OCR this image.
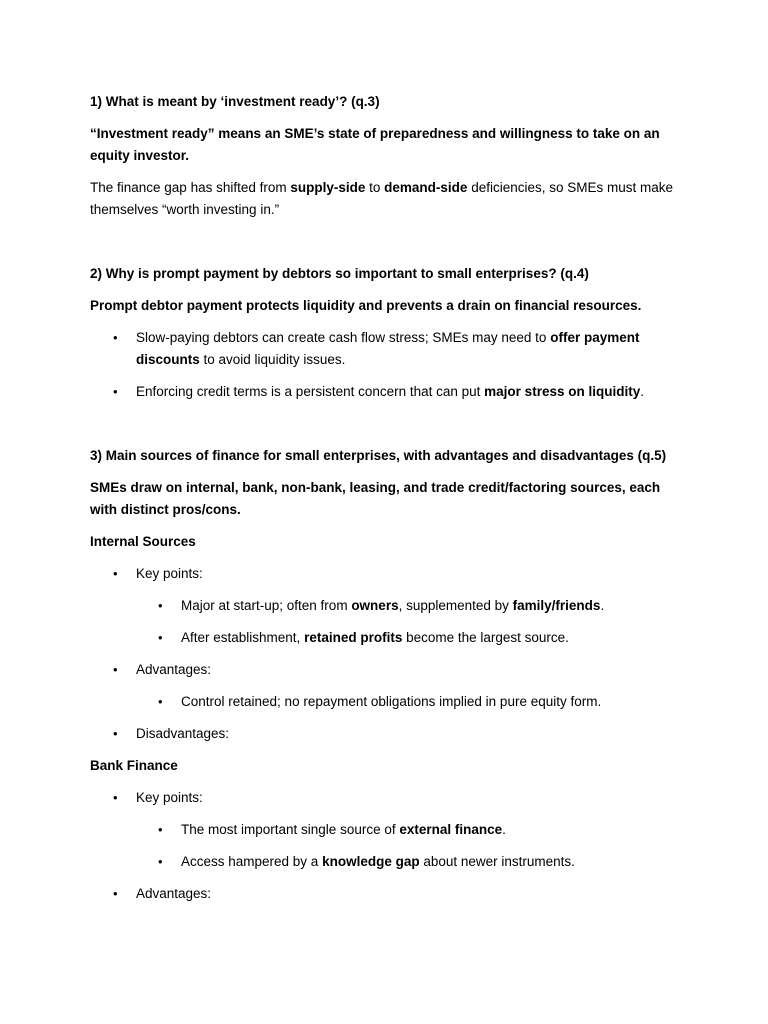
1) What is meant by ‘investment ready’? (q.3)

“Investment ready” means an SME’s state of preparedness and willingness to take on an equity investor.

The finance gap has shifted from supply-side to demand-side deficiencies, so SMEs must make themselves “worth investing in.”

2) Why is prompt payment by debtors so important to small enterprises? (q.4)

Prompt debtor payment protects liquidity and prevents a drain on financial resources.

• Slow-paying debtors can create cash flow stress; SMEs may need to offer payment discounts to avoid liquidity issues.

• Enforcing credit terms is a persistent concern that can put major stress on liquidity.

3) Main sources of finance for small enterprises, with advantages and disadvantages (q.5)

SMEs draw on internal, bank, non-bank, leasing, and trade credit/factoring sources, each with distinct pros/cons.

Internal Sources

• Key points:

• Major at start-up; often from owners, supplemented by family/friends.

• After establishment, retained profits become the largest source.

• Advantages:

• Control retained; no repayment obligations implied in pure equity form.

• Disadvantages:

Bank Finance

• Key points:

• The most important single source of external finance.

• Access hampered by a knowledge gap about newer instruments.

• Advantages:
